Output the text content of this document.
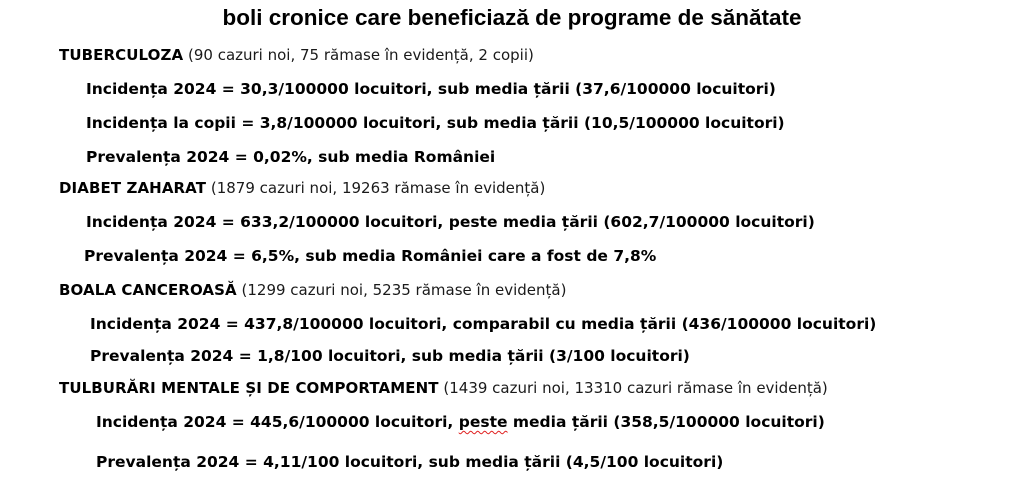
boli cronice care beneficiază de programe de sănătate
TUBERCULOZA (90 cazuri noi, 75 rămase în evidență, 2 copii)
Incidența 2024 = 30,3/100000 locuitori, sub media țării (37,6/100000 locuitori)
Incidența la copii = 3,8/100000 locuitori, sub media țării (10,5/100000 locuitori)
Prevalența 2024 = 0,02%, sub media României
DIABET ZAHARAT (1879 cazuri noi, 19263 rămase în evidență)
Incidența 2024 = 633,2/100000 locuitori, peste media țării (602,7/100000 locuitori)
Prevalența 2024 = 6,5%, sub media României care a fost de 7,8%
BOALA CANCEROASĂ (1299 cazuri noi, 5235 rămase în evidență)
Incidența 2024 = 437,8/100000 locuitori, comparabil cu media țării (436/100000 locuitori)
Prevalența 2024 = 1,8/100 locuitori, sub media țării (3/100 locuitori)
TULBURĂRI MENTALE ȘI DE COMPORTAMENT (1439 cazuri noi, 13310 cazuri rămase în evidență)
Incidența 2024 = 445,6/100000 locuitori, peste media țării (358,5/100000 locuitori)
Prevalența 2024 = 4,11/100 locuitori, sub media țării (4,5/100 locuitori)
